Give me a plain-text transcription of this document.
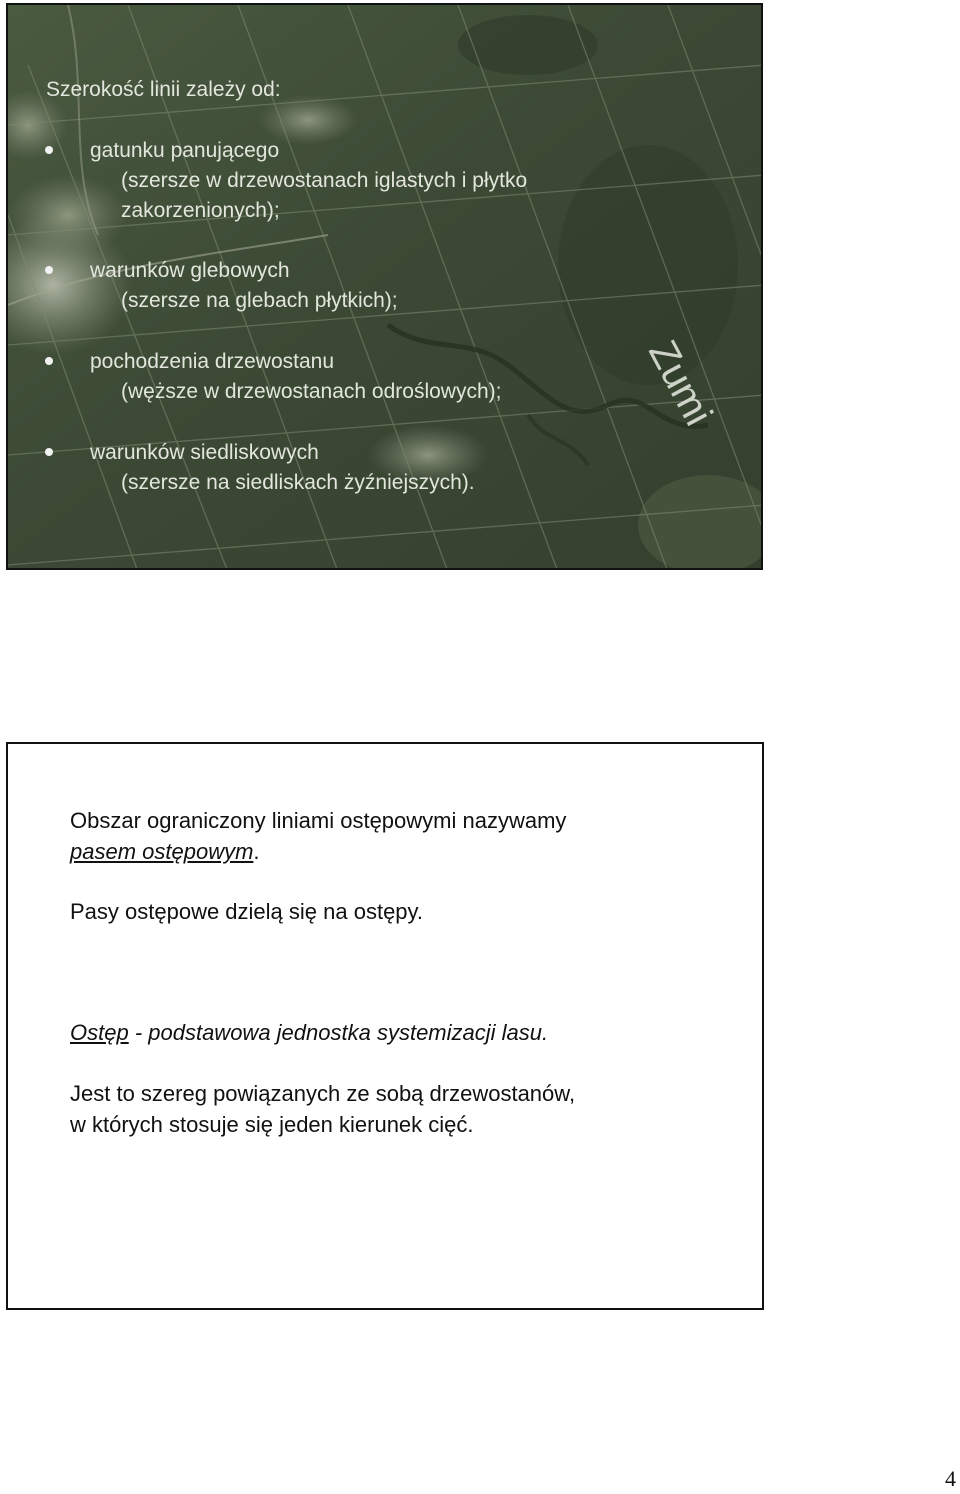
Zumi
Szerokość linii zależy od:
gatunku panującego
(szersze w drzewostanach iglastych i płytko
zakorzenionych);
warunków glebowych
(szersze na glebach płytkich);
pochodzenia drzewostanu
(węższe w drzewostanach odroślowych);
warunków siedliskowych
(szersze na siedliskach żyźniejszych).
Obszar ograniczony liniami ostępowymi nazywamy
pasem ostępowym.
Pasy ostępowe dzielą się na ostępy.
Ostęp - podstawowa jednostka systemizacji lasu.
Jest to szereg powiązanych ze sobą drzewostanów,
w których stosuje się jeden kierunek cięć.
4
